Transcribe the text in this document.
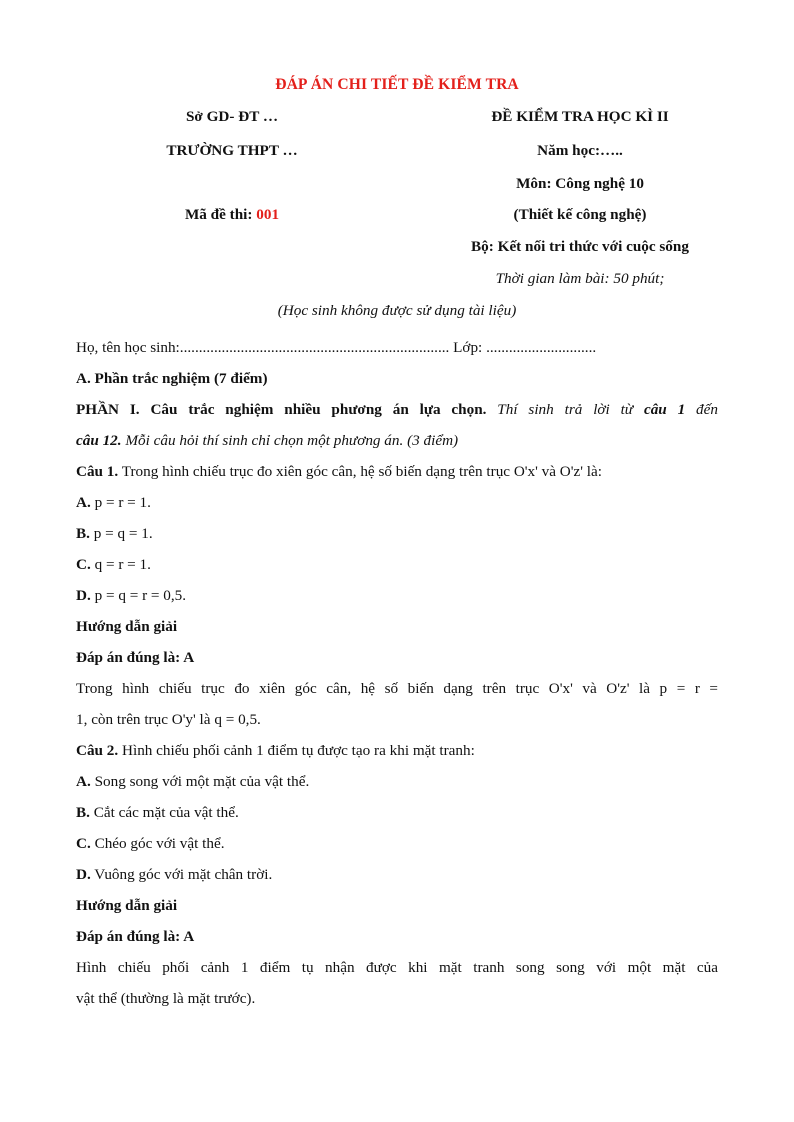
ĐÁP ÁN CHI TIẾT ĐỀ KIỂM TRA
Sở GD- ĐT …	ĐỀ KIỂM TRA HỌC KÌ II
TRƯỜNG THPT …	Năm học:…..
Môn: Công nghệ 10
Mã đề thi: 001	(Thiết kế công nghệ)
Bộ: Kết nối tri thức với cuộc sống
Thời gian làm bài: 50 phút;
(Học sinh không được sử dụng tài liệu)
Họ, tên học sinh:....................................................................... Lớp: .............................
A. Phần trắc nghiệm (7 điểm)
PHẦN I. Câu trắc nghiệm nhiều phương án lựa chọn. Thí sinh trả lời từ câu 1 đến
câu 12. Mỗi câu hỏi thí sinh chỉ chọn một phương án. (3 điểm)
Câu 1. Trong hình chiếu trục đo xiên góc cân, hệ số biến dạng trên trục O'x' và O'z' là:
A. p = r = 1.
B. p = q = 1.
C. q = r = 1.
D. p = q = r = 0,5.
Hướng dẫn giải
Đáp án đúng là: A
Trong hình chiếu trục đo xiên góc cân, hệ số biến dạng trên trục O'x' và O'z' là p = r =
1, còn trên trục O'y' là q = 0,5.
Câu 2. Hình chiếu phối cảnh 1 điểm tụ được tạo ra khi mặt tranh:
A. Song song với một mặt của vật thể.
B. Cắt các mặt của vật thể.
C. Chéo góc với vật thể.
D. Vuông góc với mặt chân trời.
Hướng dẫn giải
Đáp án đúng là: A
Hình chiếu phối cảnh 1 điểm tụ nhận được khi mặt tranh song song với một mặt của
vật thể (thường là mặt trước).
